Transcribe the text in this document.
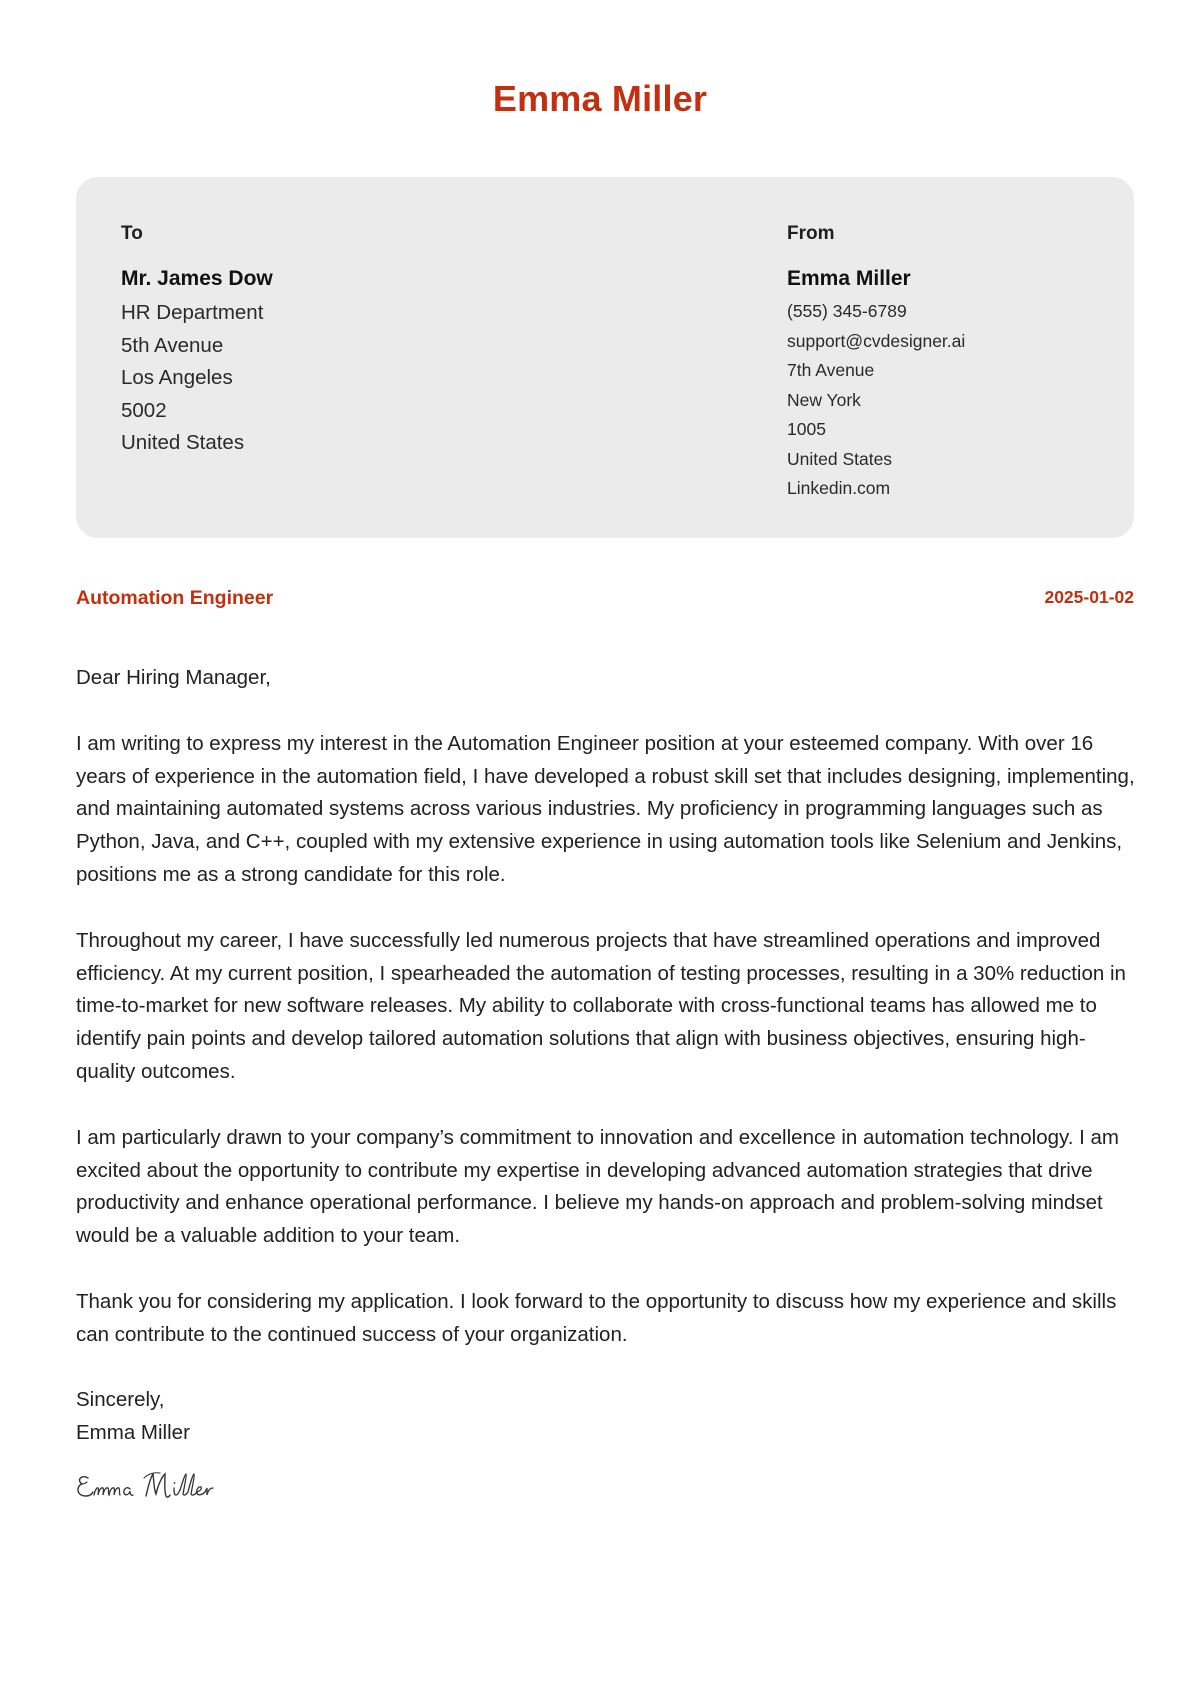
Emma Miller
To
Mr. James Dow
HR Department
5th Avenue
Los Angeles
5002
United States
From
Emma Miller
(555) 345-6789
support@cvdesigner.ai
7th Avenue
New York
1005
United States
Linkedin.com
Automation Engineer	2025-01-02

Dear Hiring Manager,

I am writing to express my interest in the Automation Engineer position at your esteemed company. With over 16 years of experience in the automation field, I have developed a robust skill set that includes designing, implementing, and maintaining automated systems across various industries. My proficiency in programming languages such as Python, Java, and C++, coupled with my extensive experience in using automation tools like Selenium and Jenkins, positions me as a strong candidate for this role.

Throughout my career, I have successfully led numerous projects that have streamlined operations and improved efficiency. At my current position, I spearheaded the automation of testing processes, resulting in a 30% reduction in time-to-market for new software releases. My ability to collaborate with cross-functional teams has allowed me to identify pain points and develop tailored automation solutions that align with business objectives, ensuring high-quality outcomes.

I am particularly drawn to your company’s commitment to innovation and excellence in automation technology. I am excited about the opportunity to contribute my expertise in developing advanced automation strategies that drive productivity and enhance operational performance. I believe my hands-on approach and problem-solving mindset would be a valuable addition to your team.

Thank you for considering my application. I look forward to the opportunity to discuss how my experience and skills can contribute to the continued success of your organization.

Sincerely,
Emma Miller
